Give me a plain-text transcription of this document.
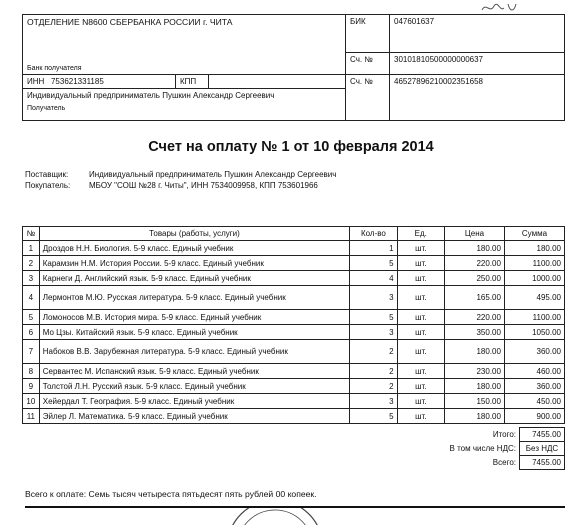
ОТДЕЛЕНИЕ N8600 СБЕРБАНКА РОССИИ г. ЧИТА
Банк получателя			БИК	047601637
			Сч. №	30101810500000000637
ИНН 753621331185	КПП		Сч. №	46527896210002351658

Индивидуальный предприниматель Пушкин Александр Сергеевич
Получатель				
Счет на оплату № 1 от 10 февраля 2014
Поставщик:	Индивидуальный предприниматель Пушкин Александр Сергеевич
Покупатель: МБОУ "СОШ №28 г. Читы", ИНН 7534009958, КПП 753601966
№	Товары (работы, услуги)	Кол-во	Ед.	Цена	Сумма
1	Дроздов Н.Н. Биология. 5-9 класс. Единый учебник	1	шт.	180.00	180.00
2	Карамзин Н.М. История России. 5-9 класс. Единый учебник	5	шт.	220.00	1100.00
3	Карнеги Д. Английский язык. 5-9 класс. Единый учебник	4	шт.	250.00	1000.00
4	Лермонтов М.Ю. Русская литература. 5-9 класс. Единый учебник	3	шт.	165.00	495.00
5	Ломоносов М.В. История мира. 5-9 класс. Единый учебник	5	шт.	220.00	1100.00
6	Мо Цзы. Китайский язык. 5-9 класс. Единый учебник	3	шт.	350.00	1050.00
7	Набоков В.В. Зарубежная литература. 5-9 класс. Единый учебник	2	шт.	180.00	360.00
8	Сервантес М. Испанский язык. 5-9 класс. Единый учебник	2	шт.	230.00	460.00
9	Толстой Л.Н. Русский язык. 5-9 класс. Единый учебник	2	шт.	180.00	360.00
10	Хейердал Т. География. 5-9 класс. Единый учебник	3	шт.	150.00	450.00
11	Эйлер Л. Математика. 5-9 класс. Единый учебник	5	шт.	180.00	900.00
Итого:	7455.00
В том числе НДС:	Без НДС
Всего:	7455.00
Всего к оплате: Семь тысяч четыреста пятьдесят пять рублей 00 копеек.
